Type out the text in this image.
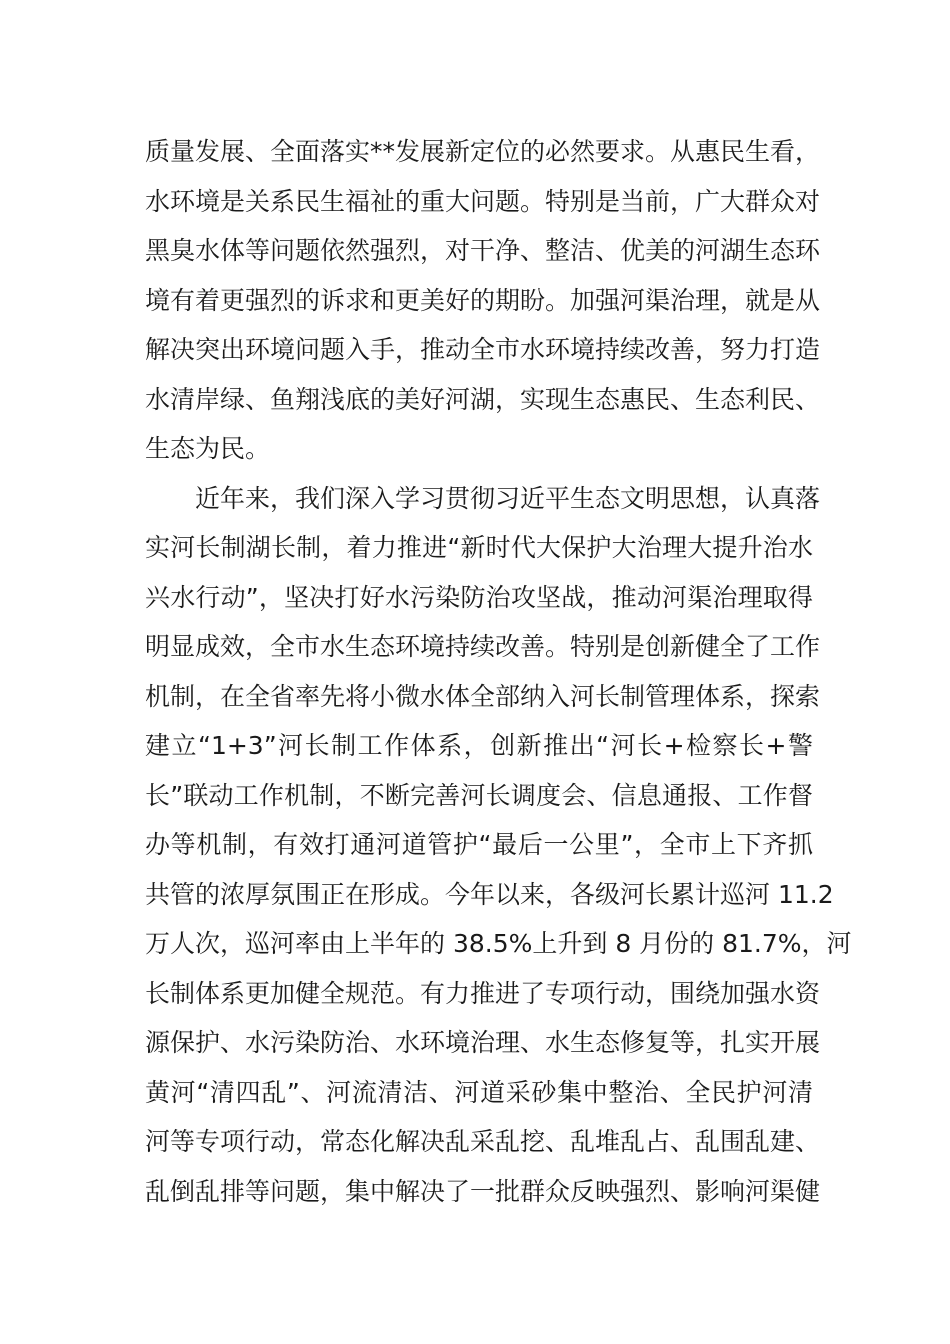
质量发展、全面落实**发展新定位的必然要求。从惠民生看，
水环境是关系民生福祉的重大问题。特别是当前，广大群众对
黑臭水体等问题依然强烈，对干净、整洁、优美的河湖生态环
境有着更强烈的诉求和更美好的期盼。加强河渠治理，就是从
解决突出环境问题入手，推动全市水环境持续改善，努力打造
水清岸绿、鱼翔浅底的美好河湖，实现生态惠民、生态利民、
生态为民。
近年来，我们深入学习贯彻习近平生态文明思想，认真落
实河长制湖长制，着力推进“新时代大保护大治理大提升治水
兴水行动”，坚决打好水污染防治攻坚战，推动河渠治理取得
明显成效，全市水生态环境持续改善。特别是创新健全了工作
机制，在全省率先将小微水体全部纳入河长制管理体系，探索
建立“1+3”河长制工作体系，创新推出“河长+检察长+警
长”联动工作机制，不断完善河长调度会、信息通报、工作督
办等机制，有效打通河道管护“最后一公里”，全市上下齐抓
共管的浓厚氛围正在形成。今年以来，各级河长累计巡河 11.2
万人次，巡河率由上半年的 38.5%上升到 8 月份的 81.7%，河
长制体系更加健全规范。有力推进了专项行动，围绕加强水资
源保护、水污染防治、水环境治理、水生态修复等，扎实开展
黄河“清四乱”、河流清洁、河道采砂集中整治、全民护河清
河等专项行动，常态化解决乱采乱挖、乱堆乱占、乱围乱建、
乱倒乱排等问题，集中解决了一批群众反映强烈、影响河渠健
